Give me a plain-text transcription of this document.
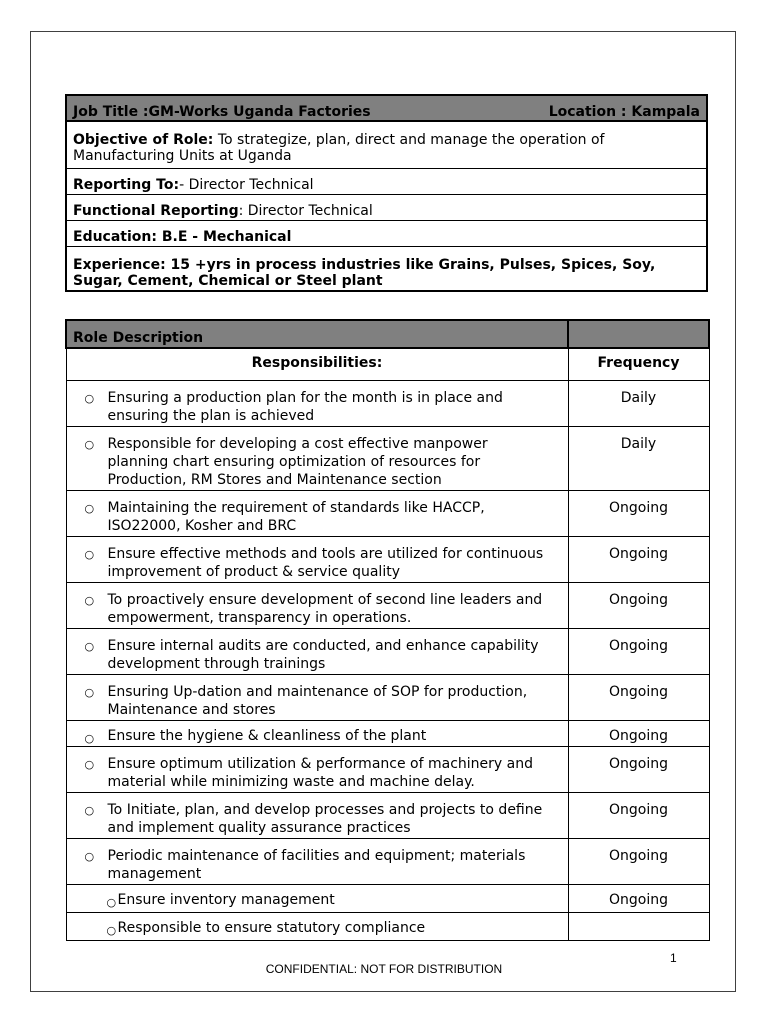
Job Title :GM-Works Uganda Factories	Location : Kampala
Objective of Role: To strategize, plan, direct and manage the operation of
Manufacturing Units at Uganda
Reporting To:- Director Technical
Functional Reporting: Director Technical
Education: B.E - Mechanical
Experience: 15 +yrs in process industries like Grains, Pulses, Spices, Soy,
Sugar, Cement, Chemical or Steel plant
Role Description	
Responsibilities:	Frequency

○ Ensuring a production plan for the month is in place and ensuring the plan is achieved	Daily

○ Responsible for developing a cost effective manpower planning chart ensuring optimization of resources for Production, RM Stores and Maintenance section	Daily

○ Maintaining the requirement of standards like HACCP, ISO22000, Kosher and BRC	Ongoing

○ Ensure effective methods and tools are utilized for continuous improvement of product & service quality	Ongoing

○ To proactively ensure development of second line leaders and empowerment, transparency in operations.	Ongoing

○ Ensure internal audits are conducted, and enhance capability development through trainings	Ongoing

○ Ensuring Up-dation and maintenance of SOP for production, Maintenance and stores	Ongoing

○ Ensure the hygiene & cleanliness of the plant	Ongoing

○ Ensure optimum utilization & performance of machinery and material while minimizing waste and machine delay.	Ongoing

○ To Initiate, plan, and develop processes and projects to define and implement quality assurance practices	Ongoing

○ Periodic maintenance of facilities and equipment; materials management	Ongoing

○ Ensure inventory management	Ongoing

○ Responsible to ensure statutory compliance	
1
CONFIDENTIAL: NOT FOR DISTRIBUTION
